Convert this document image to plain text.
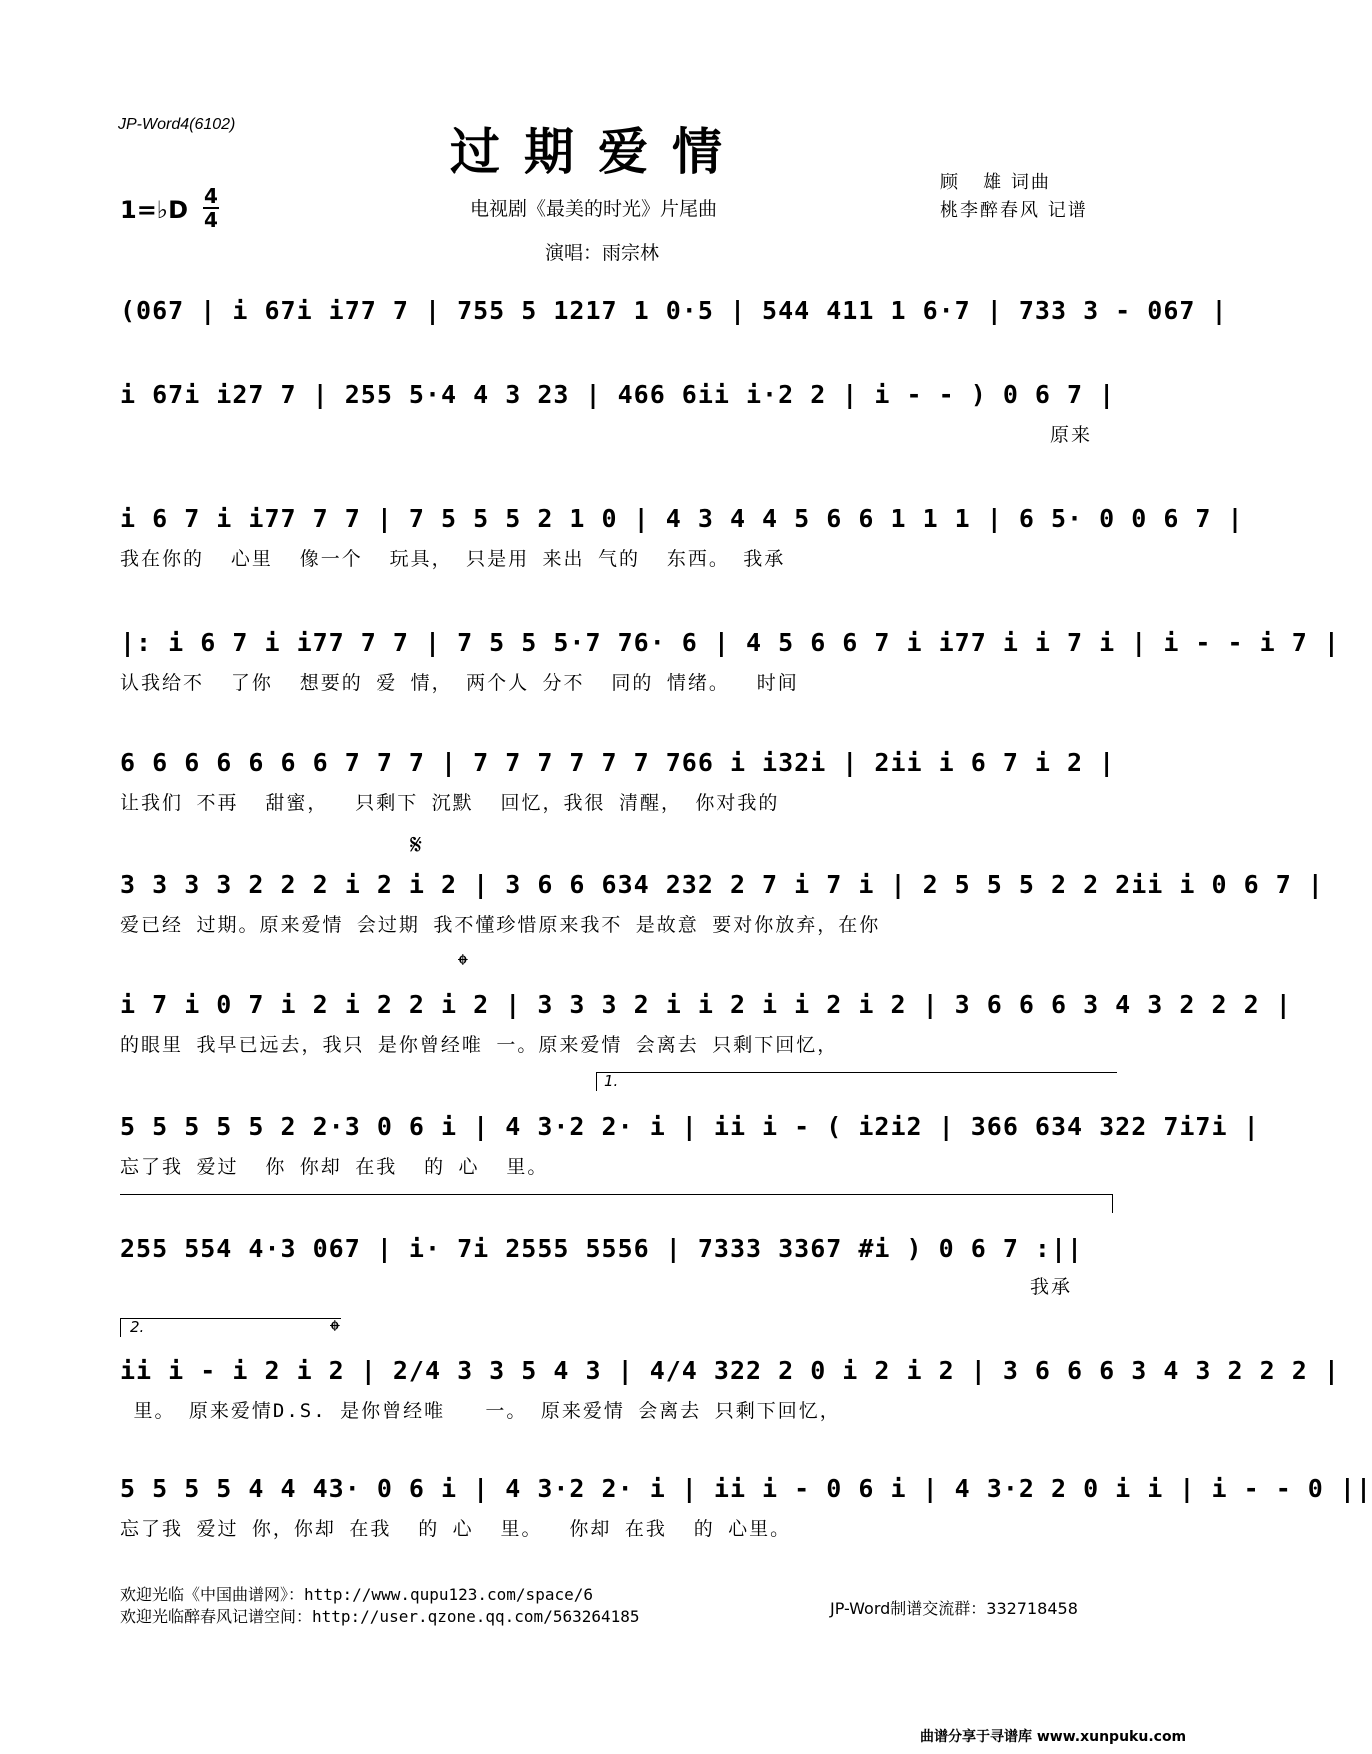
JP-Word4(6102)	过期爱情
电视剧《最美的时光》片尾曲
演唱：雨宗林
1=♭D 4
4
顾   雄 词曲
桃李醉春风 记谱
(067 | i 67i i77 7 | 755 5 1217 1 0·5 | 544 411 1 6·7 | 733 3 - 067 |
i 67i i27 7 | 255 5·4 4 3 23 | 466 6ii i·2 2 | i - - ) 0 6 7 |
原来
i 6 7 i i77 7 7 | 7 5 5 5 2 1 0 | 4 3 4 4 5 6 6 1 1 1 | 6 5· 0 0 6 7 |
我在你的  心里  像一个  玩具， 只是用 来出 气的  东西。 我承
|: i 6 7 i i77 7 7 | 7 5 5 5·7 76· 6 | 4 5 6 6 7 i i77 i i 7 i | i - - i 7 |
认我给不  了你  想要的 爱 情， 两个人 分不  同的 情绪。  时间
6 6 6 6 6 6 6 7 7 7 | 7 7 7 7 7 7 766 i i32i | 2ii i 6 7 i 2 |
让我们 不再  甜蜜，  只剩下 沉默  回忆，我很 清醒， 你对我的
3 3 3 3 2 2 2 i 2 i 2 | 3 6 6 634 232 2 7 i 7 i | 2 5 5 5 2 2 2ii i 0 6 7 |
爱已经 过期。原来爱情 会过期 我不懂珍惜原来我不 是故意 要对你放弃，在你
𝄋
i 7 i 0 7 i 2 i 2 2 i 2 | 3 3 3 2 i i 2 i i 2 i 2 | 3 6 6 6 3 4 3 2 2 2 |
的眼里 我早已远去，我只 是你曾经唯 一。原来爱情 会离去 只剩下回忆，
𝄌
5 5 5 5 5 2 2·3 0 6 i | 4 3·2 2· i | ii i - ( i2i2 | 366 634 322 7i7i |
忘了我 爱过  你 你却 在我  的 心  里。
1.
255 554 4·3 067 | i· 7i 2555 5556 | 7333 3367 #i ) 0 6 7 :||
我承
ii i - i 2 i 2 | 2/4 3 3 5 4 3 | 4/4 322 2 0 i 2 i 2 | 3 6 6 6 3 4 3 2 2 2 |
里。 原来爱情D.S. 是你曾经唯   一。 原来爱情 会离去 只剩下回忆，
2.	𝄌
5 5 5 5 4 4 43· 0 6 i | 4 3·2 2· i | ii i - 0 6 i | 4 3·2 2 0 i i | i - - 0 ||
忘了我 爱过 你，你却 在我  的 心  里。  你却 在我  的 心里。
欢迎光临《中国曲谱网》：http://www.qupu123.com/space/6
欢迎光临醉春风记谱空间：http://user.qzone.qq.com/563264185	JP-Word制谱交流群：332718458
曲谱分享于寻谱库 www.xunpuku.com
